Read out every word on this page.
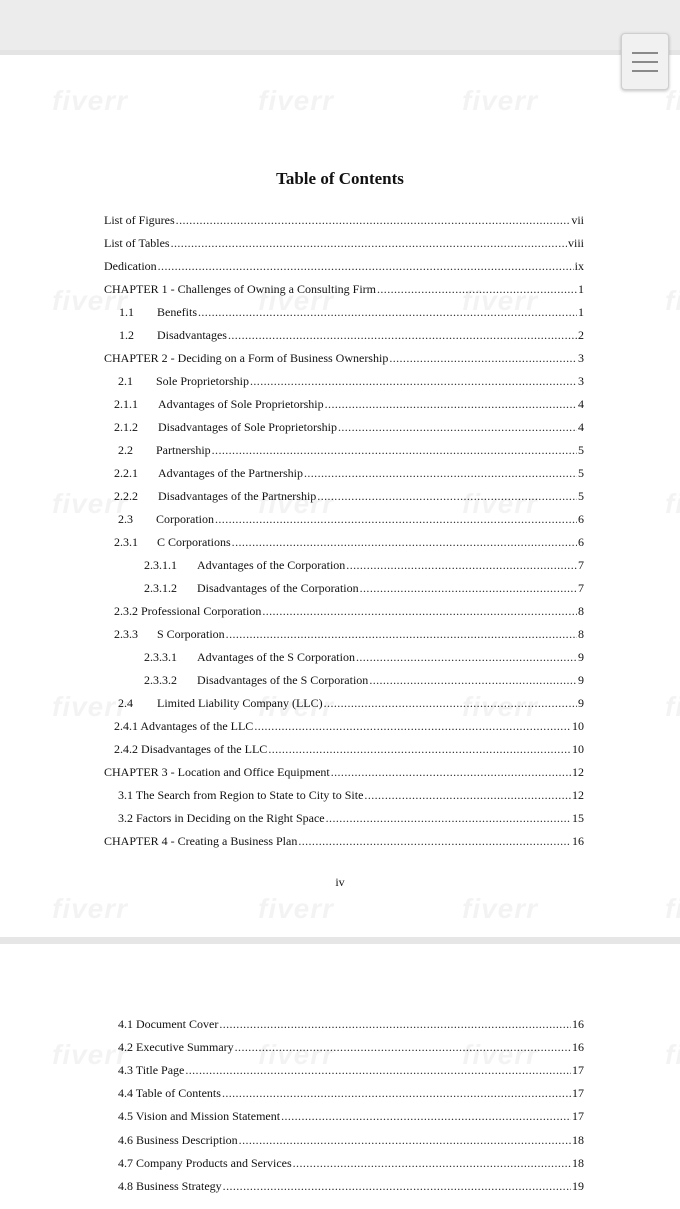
Table of Contents
List of Figures .....	vii
List of Tables .....	viii
Dedication .....	ix
CHAPTER 1 - Challenges of Owning a Consulting Firm .....	1
1.1	Benefits .....	1
1.2	Disadvantages .....	2
CHAPTER 2 - Deciding on a Form of Business Ownership .....	3
2.1	Sole Proprietorship .....	3
2.1.1	Advantages of Sole Proprietorship .....	4
2.1.2	Disadvantages of Sole Proprietorship .....	4
2.2	Partnership .....	5
2.2.1	Advantages of the Partnership .....	5
2.2.2	Disadvantages of the Partnership .....	5
2.3	Corporation .....	6
2.3.1	C Corporations .....	6
2.3.1.1	Advantages of the Corporation .....	7
2.3.1.2	Disadvantages of the Corporation .....	7
2.3.2 Professional Corporation .....	8
2.3.3	S Corporation .....	8
2.3.3.1	Advantages of the S Corporation .....	9
2.3.3.2	Disadvantages of the S Corporation .....	9
2.4	Limited Liability Company (LLC) .....	9
2.4.1 Advantages of the LLC .....	10
2.4.2 Disadvantages of the LLC .....	10
CHAPTER 3 - Location and Office Equipment .....	12
3.1 The Search from Region to State to City to Site .....	12
3.2 Factors in Deciding on the Right Space .....	15
CHAPTER 4 - Creating a Business Plan .....	16
iv
4.1 Document Cover .....	16
4.2 Executive Summary .....	16
4.3 Title Page .....	17
4.4 Table of Contents .....	17
4.5 Vision and Mission Statement .....	17
4.6 Business Description .....	18
4.7 Company Products and Services .....	18
4.8 Business Strategy .....	19
